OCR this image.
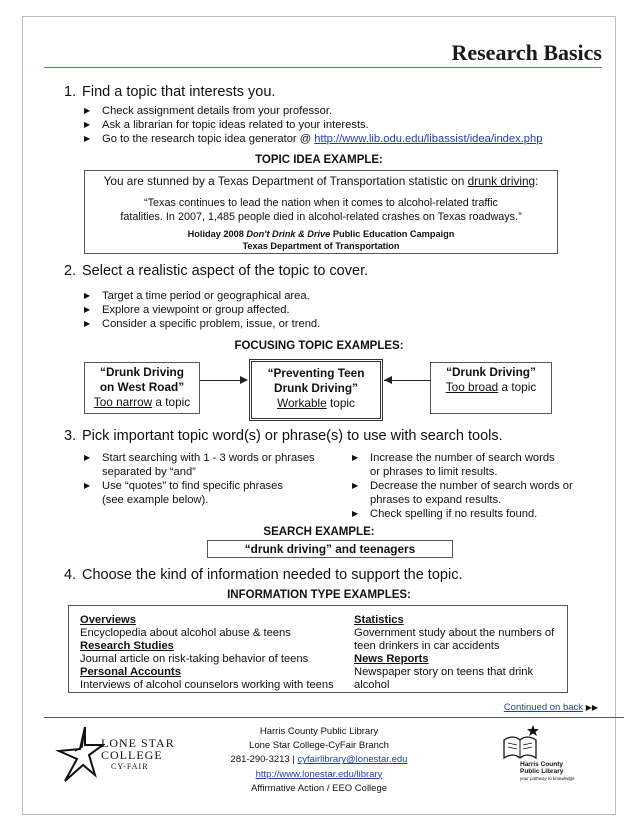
Research Basics
1. Find a topic that interests you.
▶ Check assignment details from your professor.
▶ Ask a librarian for topic ideas related to your interests.
▶ Go to the research topic idea generator @ http://www.lib.odu.edu/libassist/idea/index.php
TOPIC IDEA EXAMPLE:
You are stunned by a Texas Department of Transportation statistic on drunk driving:
“Texas continues to lead the nation when it comes to alcohol-related traffic
fatalities. In 2007, 1,485 people died in alcohol-related crashes on Texas roadways.”
Holiday 2008 Don't Drink & Drive Public Education Campaign
Texas Department of Transportation
2. Select a realistic aspect of the topic to cover.
▶ Target a time period or geographical area.
▶ Explore a viewpoint or group affected.
▶ Consider a specific problem, issue, or trend.
FOCUSING TOPIC EXAMPLES:
“Drunk Driving
on West Road”
Too narrow a topic
“Preventing Teen
Drunk Driving”
Workable topic
“Drunk Driving”
Too broad a topic
3. Pick important topic word(s) or phrase(s) to use with search tools.
▶ Start searching with 1 - 3 words or phrases
separated by “and”
▶ Use “quotes” to find specific phrases
(see example below).
▶ Increase the number of search words
or phrases to limit results.
▶ Decrease the number of search words or
phrases to expand results.
▶ Check spelling if no results found.
SEARCH EXAMPLE:
“drunk driving” and teenagers
4. Choose the kind of information needed to support the topic.
INFORMATION TYPE EXAMPLES:
Overviews
Encyclopedia about alcohol abuse & teens
Research Studies
Journal article on risk-taking behavior of teens
Personal Accounts
Interviews of alcohol counselors working with teens
Statistics
Government study about the numbers of
teen drinkers in car accidents
News Reports
Newspaper story on teens that drink
alcohol
Continued on back ▶▶
LONE STAR
COLLEGE
CY-FAIR
Harris County Public Library
Lone Star College-CyFair Branch
281-290-3213 | cyfairlibrary@lonestar.edu
http://www.lonestar.edu/library
Affirmative Action / EEO College
Harris County
Public Library
your pathway to knowledge
